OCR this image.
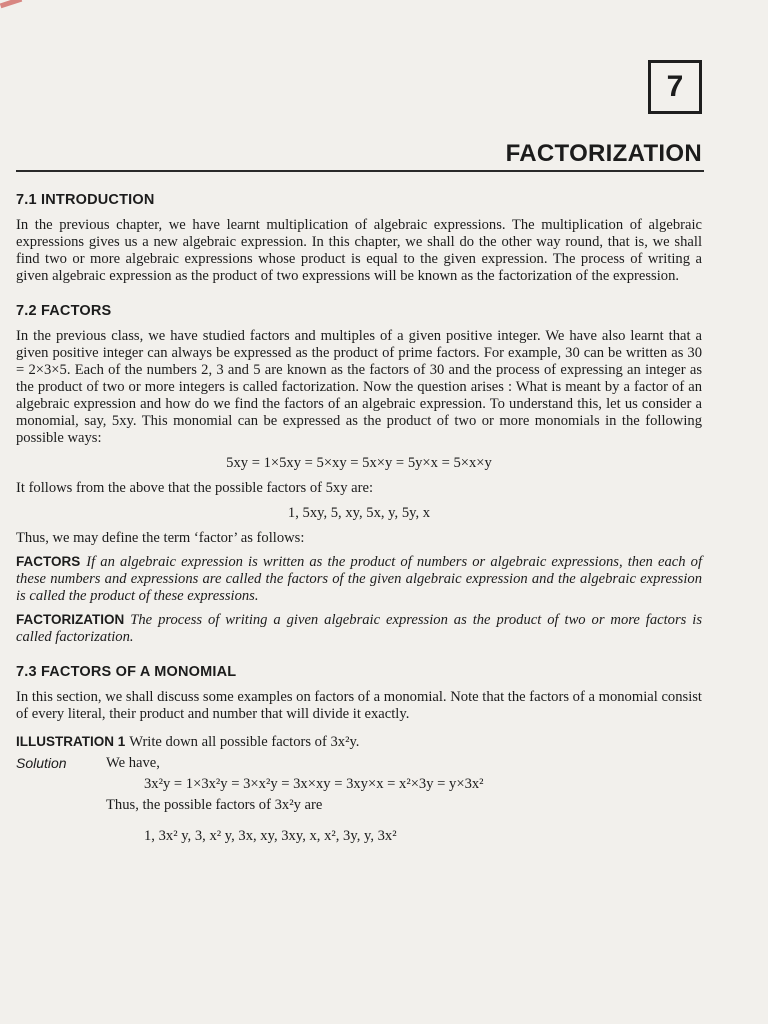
7
FACTORIZATION
7.1 INTRODUCTION

In the previous chapter, we have learnt multiplication of algebraic expressions. The multiplication of algebraic expressions gives us a new algebraic expression. In this chapter, we shall do the other way round, that is, we shall find two or more algebraic expressions whose product is equal to the given expression. The process of writing a given algebraic expression as the product of two expressions will be known as the factorization of the expression.

7.2 FACTORS

In the previous class, we have studied factors and multiples of a given positive integer. We have also learnt that a given positive integer can always be expressed as the product of prime factors. For example, 30 can be written as 30 = 2×3×5. Each of the numbers 2, 3 and 5 are known as the factors of 30 and the process of expressing an integer as the product of two or more integers is called factorization. Now the question arises : What is meant by a factor of an algebraic expression and how do we find the factors of an algebraic expression. To understand this, let us consider a monomial, say, 5xy. This monomial can be expressed as the product of two or more monomials in the following possible ways:

5xy = 1×5xy = 5×xy = 5x×y = 5y×x = 5×x×y

It follows from the above that the possible factors of 5xy are:

1, 5xy, 5, xy, 5x, y, 5y, x

Thus, we may define the term ‘factor’ as follows:

FACTORS If an algebraic expression is written as the product of numbers or algebraic expressions, then each of these numbers and expressions are called the factors of the given algebraic expression and the algebraic expression is called the product of these expressions.

FACTORIZATION The process of writing a given algebraic expression as the product of two or more factors is called factorization.

7.3 FACTORS OF A MONOMIAL

In this section, we shall discuss some examples on factors of a monomial. Note that the factors of a monomial consist of every literal, their product and number that will divide it exactly.

ILLUSTRATION 1 Write down all possible factors of 3x²y.

Solution	We have,
3x²y = 1×3x²y = 3×x²y = 3x×xy = 3xy×x = x²×3y = y×3x²
Thus, the possible factors of 3x²y are
1, 3x² y, 3, x² y, 3x, xy, 3xy, x, x², 3y, y, 3x²
